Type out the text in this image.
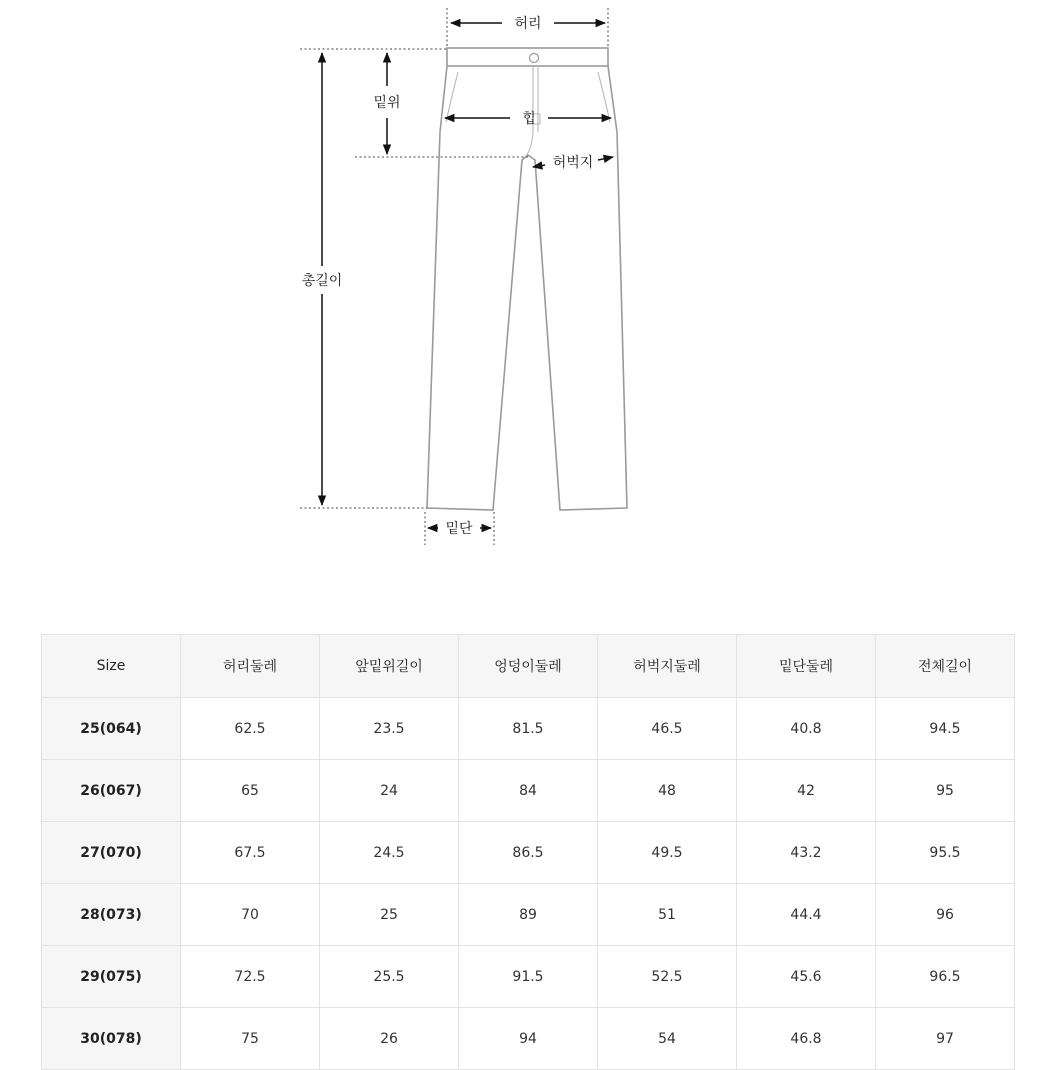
허리
밑위
힙
허벅지
총길이
밑단
Size	허리둘레	앞밑위길이	엉덩이둘레	허벅지둘레	밑단둘레	전체길이
25(064)	62.5	23.5	81.5	46.5	40.8	94.5
26(067)	65	24	84	48	42	95
27(070)	67.5	24.5	86.5	49.5	43.2	95.5
28(073)	70	25	89	51	44.4	96
29(075)	72.5	25.5	91.5	52.5	45.6	96.5
30(078)	75	26	94	54	46.8	97
